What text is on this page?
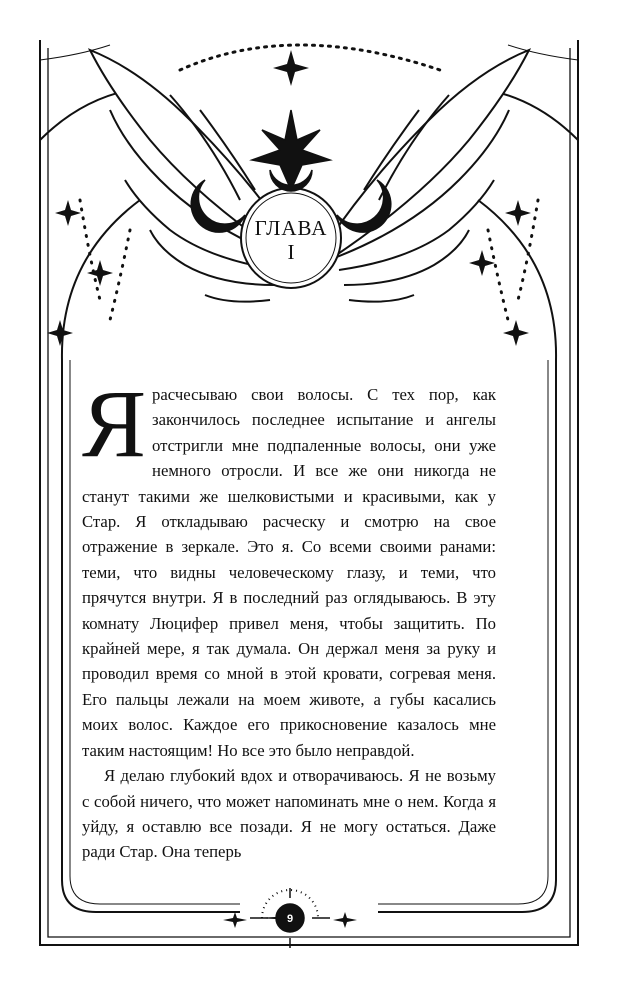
ГЛАВА
I

Ярасчесываю свои волосы. С тех пор, как закончилось последнее испытание и ангелы отстригли мне подпаленные волосы, они уже немного отросли. И все же они никогда не станут такими же шелковистыми и красивыми, как у Стар. Я откладываю расческу и смотрю на свое отражение в зеркале. Это я. Со всеми своими ранами: теми, что видны человеческому глазу, и теми, что прячутся внутри. Я в последний раз оглядываюсь. В эту комнату Люцифер привел меня, чтобы защитить. По крайней мере, я так думала. Он держал меня за руку и проводил время со мной в этой кровати, согревая меня. Его пальцы лежали на моем животе, а губы касались моих волос. Каждое его прикосновение казалось мне таким настоящим! Но все это было неправдой.

Я делаю глубокий вдох и отворачиваюсь. Я не возьму с собой ничего, что может напоминать мне о нем. Когда я уйду, я оставлю все позади. Я не могу остаться. Даже ради Стар. Она теперь

9
